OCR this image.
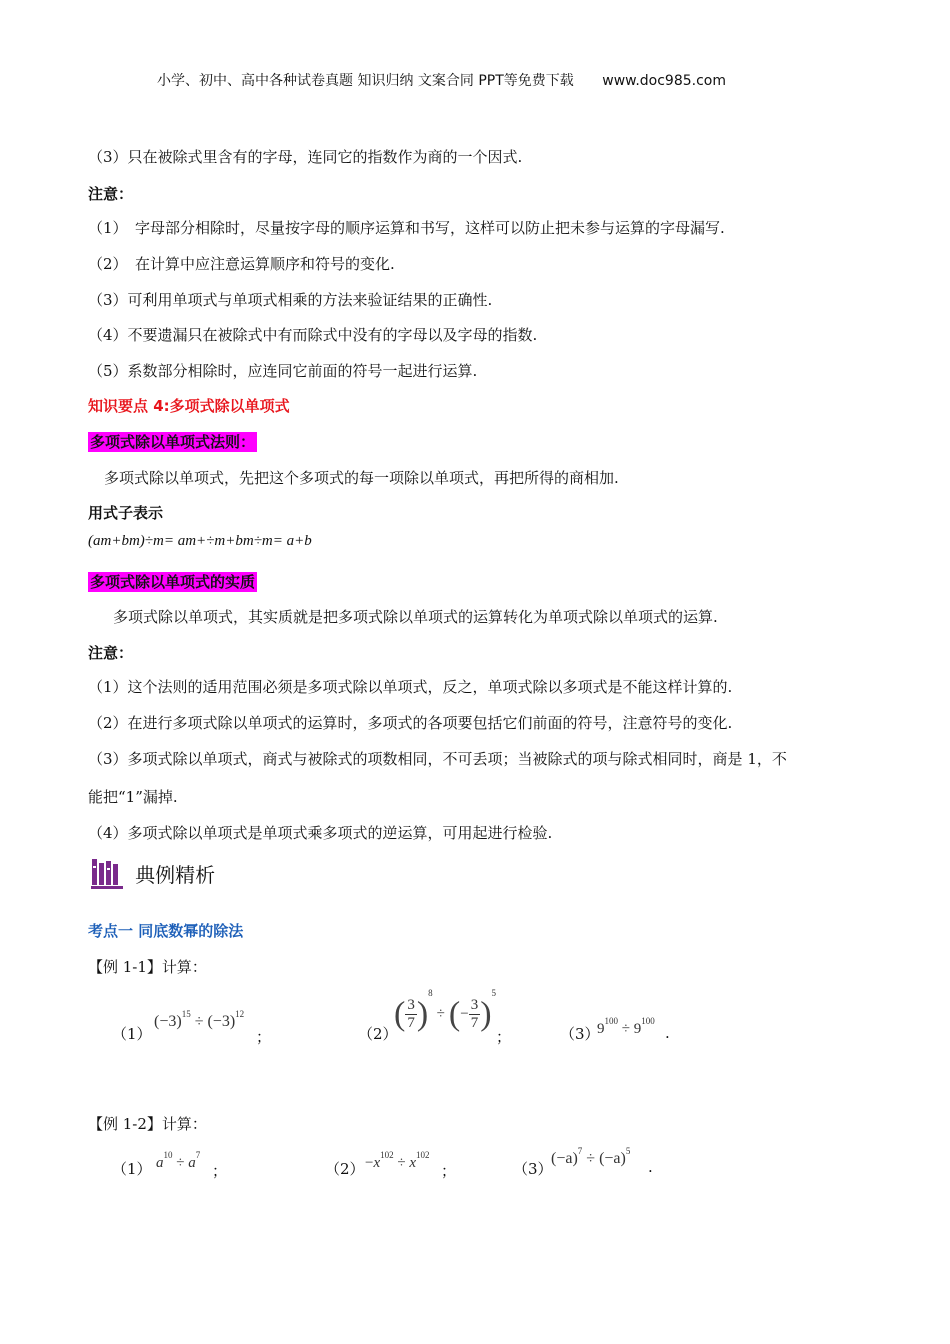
小学、初中、高中各种试卷真题 知识归纳 文案合同 PPT等免费下载 www.doc985.com
（3）只在被除式里含有的字母，连同它的指数作为商的一个因式.
注意：
（1）　字母部分相除时，尽量按字母的顺序运算和书写，这样可以防止把未参与运算的字母漏写.
（2）　在计算中应注意运算顺序和符号的变化.
（3）可利用单项式与单项式相乘的方法来验证结果的正确性.
（4）不要遗漏只在被除式中有而除式中没有的字母以及字母的指数.
（5）系数部分相除时，应连同它前面的符号一起进行运算.
知识要点 4:多项式除以单项式
多项式除以单项式法则：
多项式除以单项式，先把这个多项式的每一项除以单项式，再把所得的商相加.
用式子表示
(am+bm)÷m= am+÷m+bm÷m= a+b
多项式除以单项式的实质
多项式除以单项式，其实质就是把多项式除以单项式的运算转化为单项式除以单项式的运算.
注意：
（1）这个法则的适用范围必须是多项式除以单项式，反之，单项式除以多项式是不能这样计算的.
（2）在进行多项式除以单项式的运算时，多项式的各项要包括它们前面的符号，注意符号的变化.
（3）多项式除以单项式，商式与被除式的项数相同，不可丢项；当被除式的项与除式相同时，商是 1，不
能把“1”漏掉.
（4）多项式除以单项式是单项式乘多项式的逆运算，可用起进行检验.
典例精析
考点一 同底数幂的除法
【例 1-1】计算：
（1）
$(-3)^{15} \div (-3)^{12}$
；	（2）
( $\frac{3}{7} )^8$ ÷ (− $\frac{3}{7} )^5$
；	（3）
$9^{100} \div 9^{100}$
.
【例 1-2】计算：
（1） $a^{10} \div a^7$
；	$(2) -x^{102} \div x^{102}$
；	（3）
$(-a)^7 \div (-a)^5$
.
